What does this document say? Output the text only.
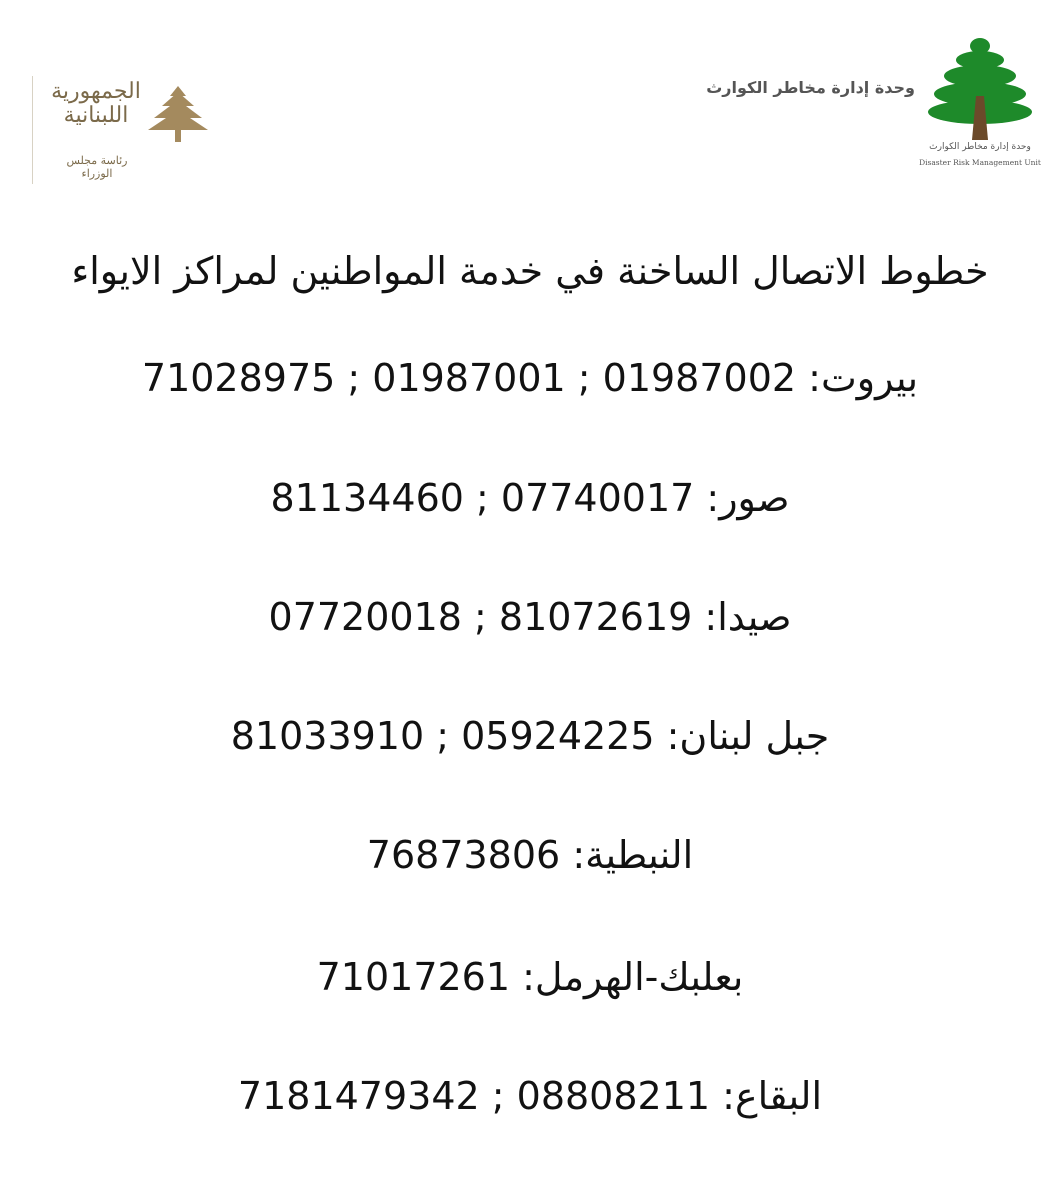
الجمهورية اللبنانية
رئاسة مجلس الوزراء
وحدة إدارة مخاطر الكوارث
وحدة إدارة مخاطر الكوارث
Disaster Risk Management Unit
خطوط الاتصال الساخنة في خدمة المواطنين لمراكز الايواء
بيروت: 71028975 ; 01987001 ; 01987002
صور: 81134460 ; 07740017
صيدا: 07720018 ; 81072619
جبل لبنان: 81033910 ; 05924225
النبطية: 76873806
بعلبك-الهرمل: 71017261
البقاع: 7181479342 ; 08808211
